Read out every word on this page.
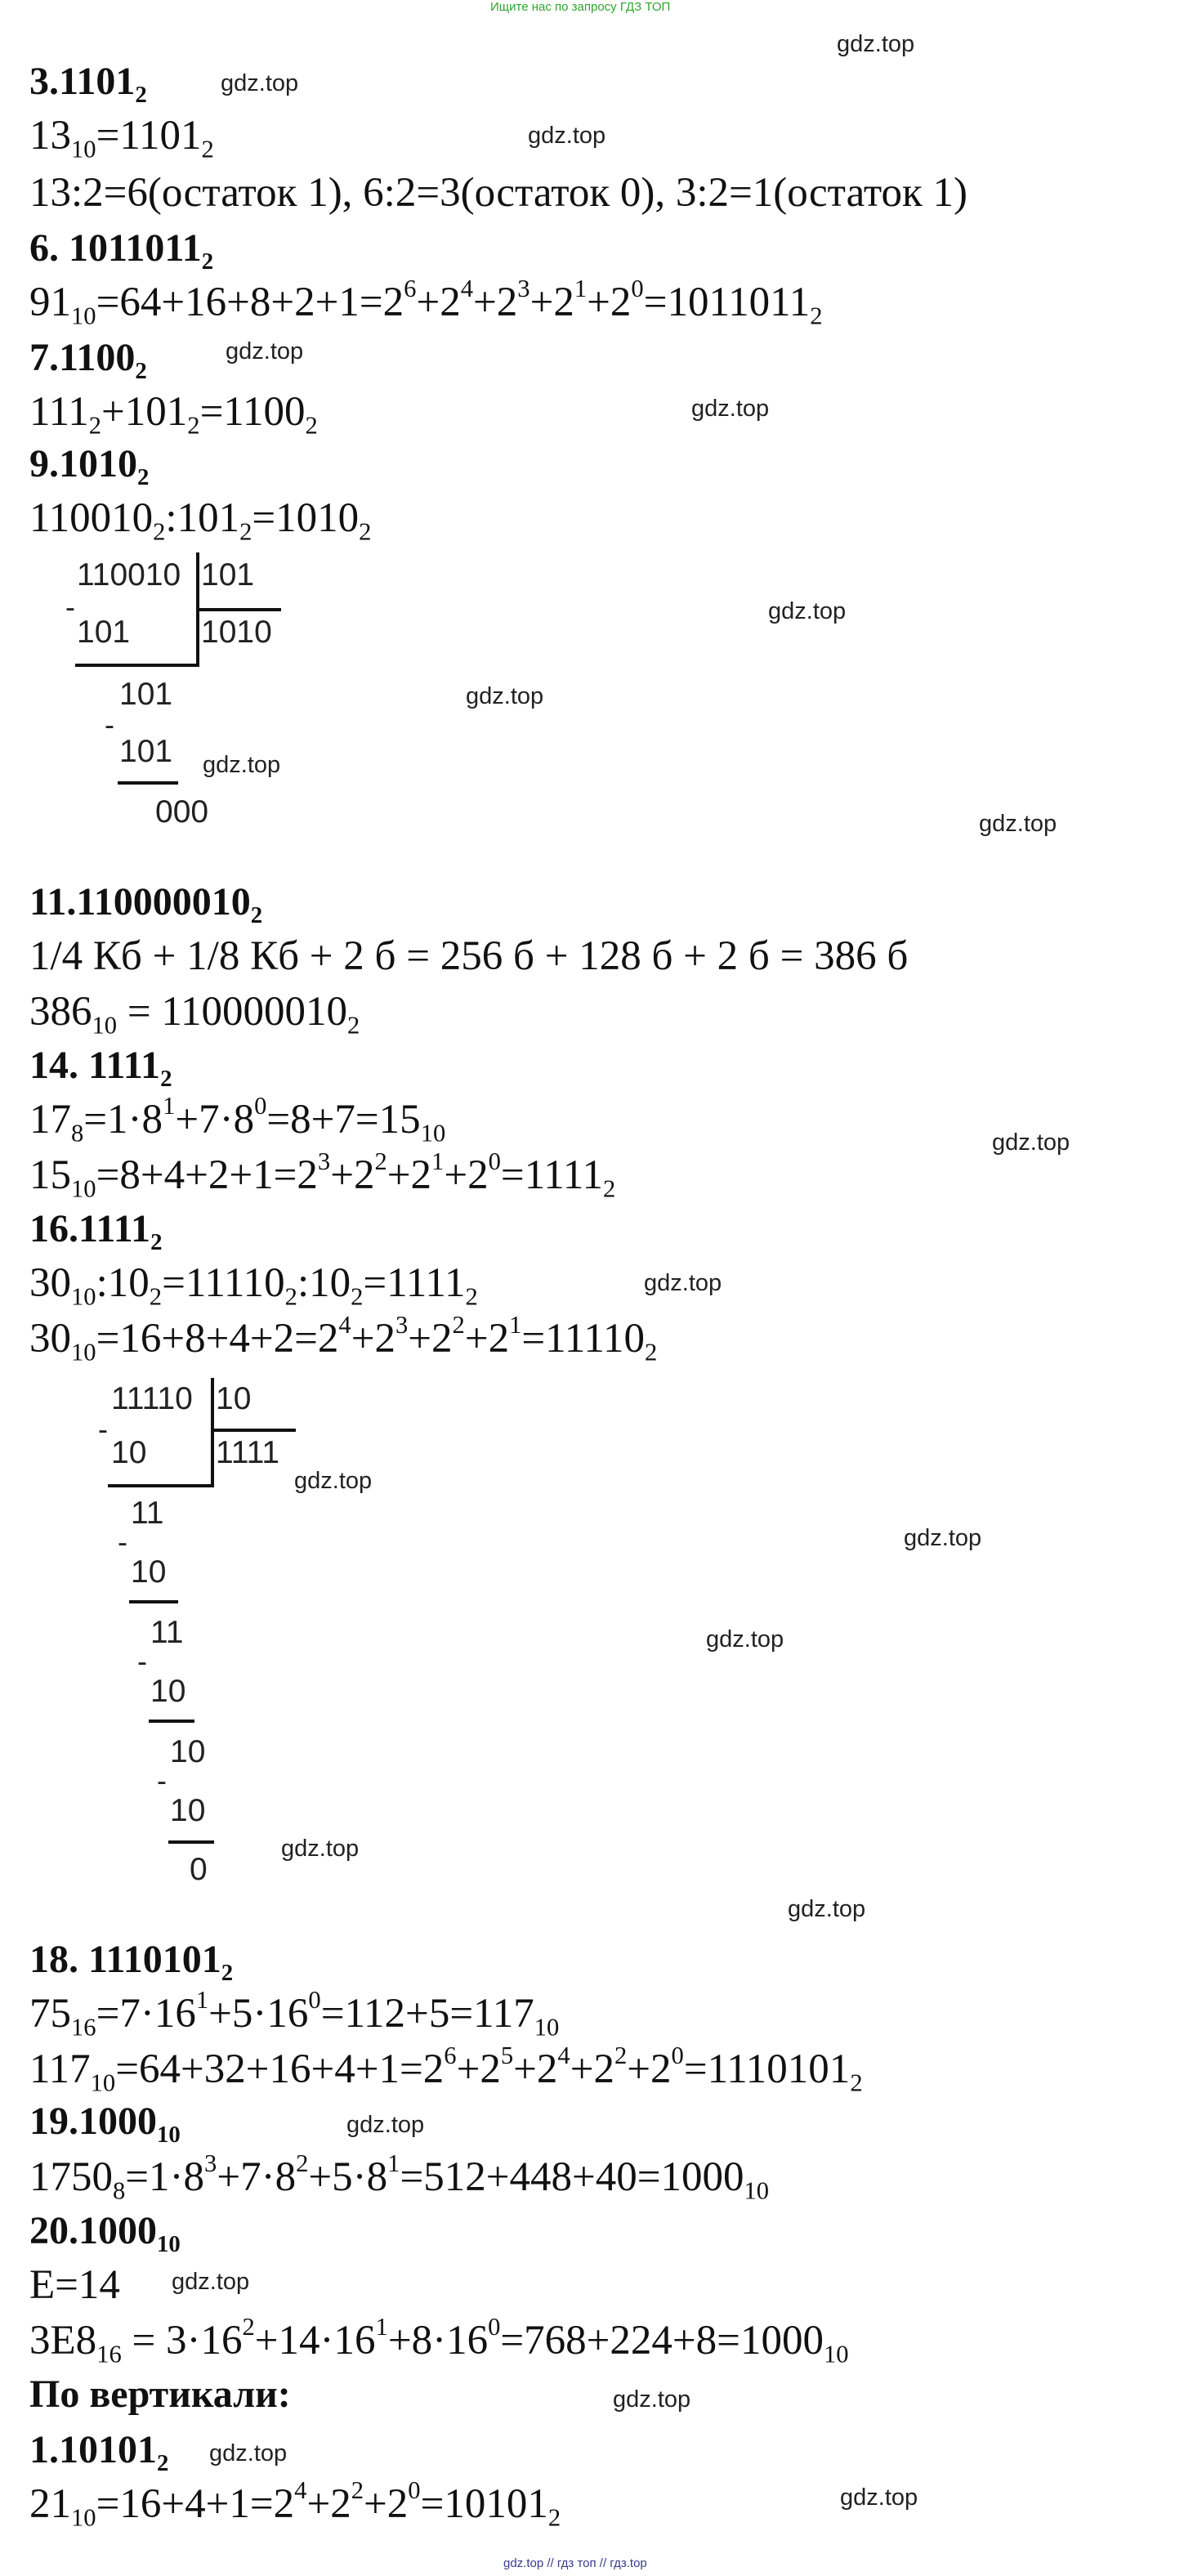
Ищите нас по запросу ГДЗ ТОП
$3.1101_2$
$13_{10}=1101_2$
13:2=6(остаток 1), 6:2=3(остаток 0), 3:2=1(остаток 1)
6. $1011011_2$
$91_{10}=64+16+8+2+1=2^6+2^4+2^3+2^1+2^0=1011011_2$
$7.1100_2$
$111_2+101_2=1100_2$
$9.1010_2$
$110010_2:101_2=1010_2$
110010 101
1010
-
101
101
-
101
000
$11.110000010_2$
1/4 Кб + 1/8 Кб + 2 б = 256 б + 128 б + 2 б = 386 б
$386_{10} = 110000010_2$
14. $1111_2$
$17_8=1\cdot 8^1+7\cdot 8^0=8+7=15_{10}$
$15_{10}=8+4+2+1=2^3+2^2+2^1+2^0=1111_2$
$16.1111_2$
$30_{10}:10_2=11110_2:10_2=1111_2$
$30_{10}=16+8+4+2=2^4+2^3+2^2+2^1=11110_2$
11110 10
1111
-
10
11
-
10
11
-
10
10
-
10
0
18. $1110101_2$
$75_{16}=7\cdot 16^1+5\cdot 16^0=112+5=117_{10}$
$117_{10}=64+32+16+4+1=2^6+2^5+2^4+2^2+2^0=1110101_2$
$19.1000_{10}$
$1750_8=1\cdot 8^3+7\cdot 8^2+5\cdot 8^1=512+448+40=1000_{10}$
$20.1000_{10}$
E=14
$3E8_{16} = 3\cdot 16^2+14\cdot 16^1+8\cdot 16^0=768+224+8=1000_{10}$
По вертикали:
$1.10101_2$
$21_{10}=16+4+1=2^4+2^2+2^0=10101_2$
gdz.top
gdz.top
gdz.top
gdz.top
gdz.top
gdz.top
gdz.top
gdz.top
gdz.top
gdz.top
gdz.top
gdz.top
gdz.top
gdz.top
gdz.top
gdz.top
gdz.top
gdz.top
gdz.top
gdz.top
gdz.top
gdz.top // гдз топ // гдз.top
